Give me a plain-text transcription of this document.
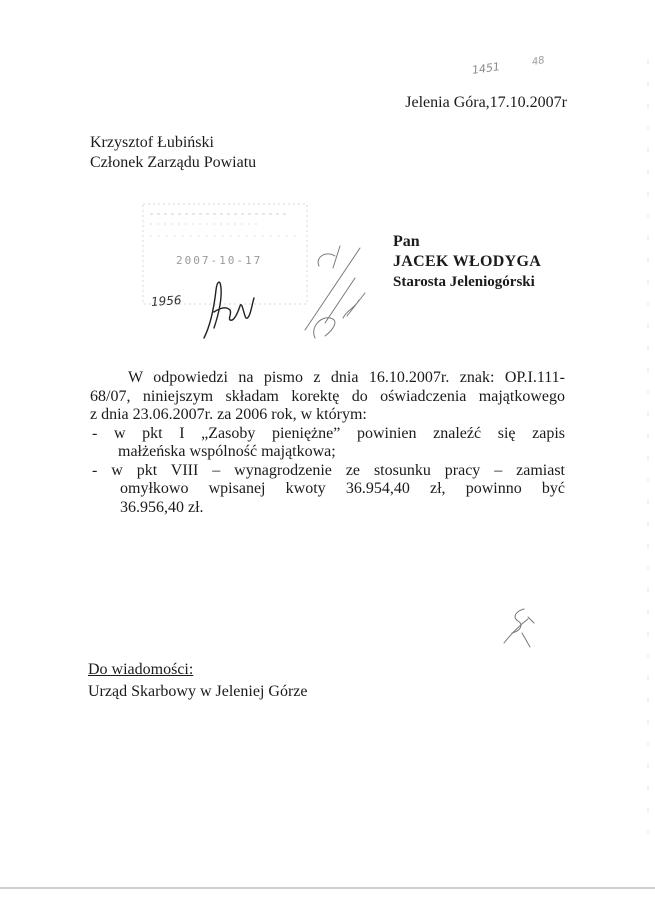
1451	48
Jelenia Góra,17.10.2007r
Krzysztof Łubiński
Członek Zarządu Powiatu
2007-10-17
1956
Pan
JACEK WŁODYGA
Starosta Jeleniogórski
W odpowiedzi na pismo z dnia 16.10.2007r. znak: OP.I.111-
68/07, niniejszym składam korektę do oświadczenia majątkowego
z dnia 23.06.2007r. za 2006 rok, w którym:
- w pkt I „Zasoby pieniężne” powinien znaleźć się zapis
małżeńska wspólność majątkowa;
- w pkt VIII – wynagrodzenie ze stosunku pracy – zamiast
omyłkowo wpisanej kwoty 36.954,40 zł, powinno być
36.956,40 zł.
Do wiadomości:
Urząd Skarbowy w Jeleniej Górze
